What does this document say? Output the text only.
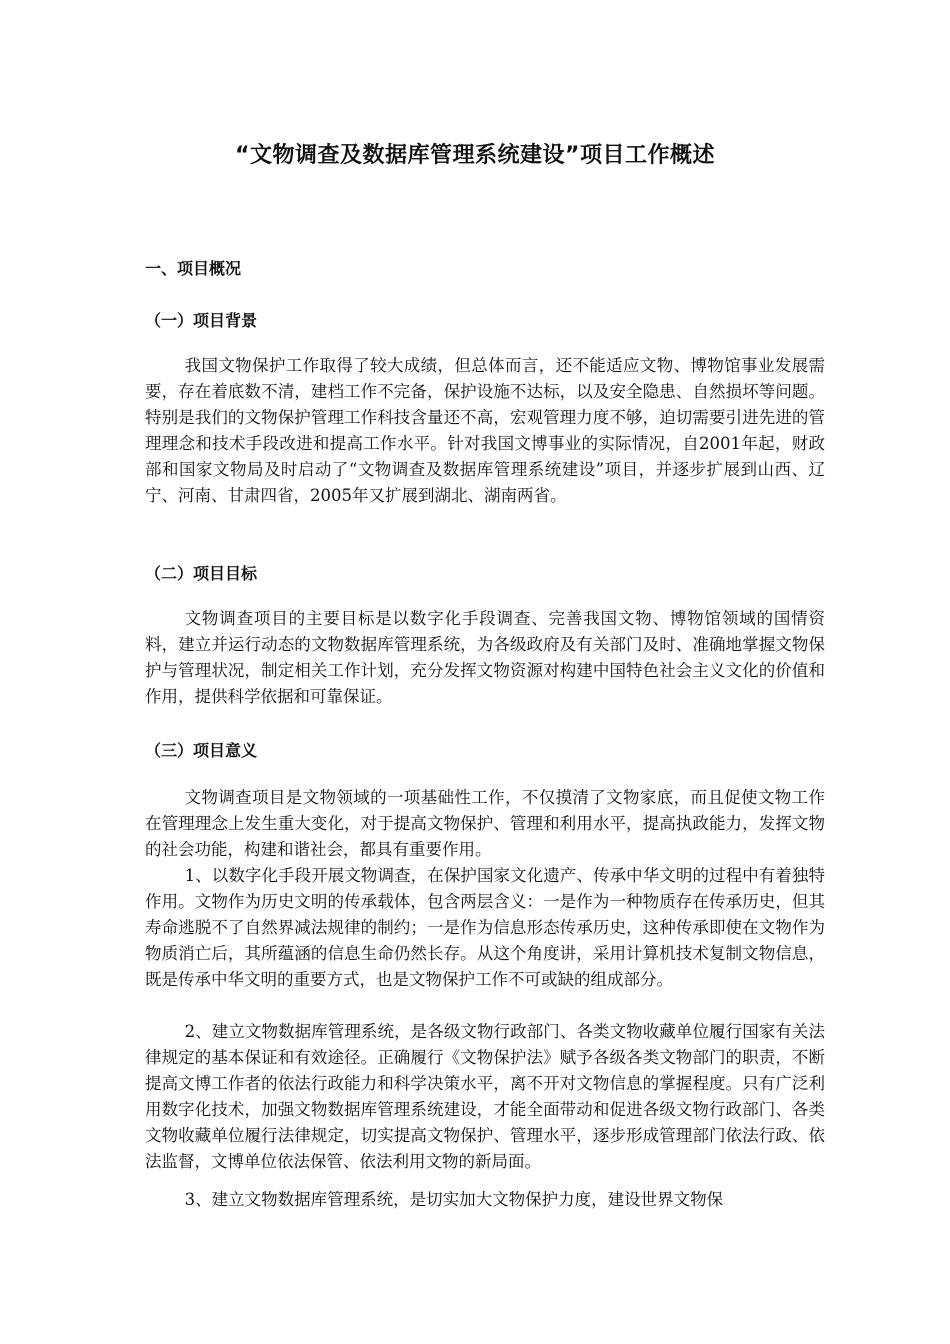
“文物调查及数据库管理系统建设”项目工作概述
一、项目概况
（一）项目背景

我国文物保护工作取得了较大成绩，但总体而言，还不能适应文物、博物馆事业发展需要，存在着底数不清，建档工作不完备，保护设施不达标，以及安全隐患、自然损坏等问题。特别是我们的文物保护管理工作科技含量还不高，宏观管理力度不够，迫切需要引进先进的管理理念和技术手段改进和提高工作水平。针对我国文博事业的实际情况，自2001年起，财政部和国家文物局及时启动了“文物调查及数据库管理系统建设”项目，并逐步扩展到山西、辽宁、河南、甘肃四省，2005年又扩展到湖北、湖南两省。

（二）项目目标

文物调查项目的主要目标是以数字化手段调查、完善我国文物、博物馆领域的国情资料，建立并运行动态的文物数据库管理系统，为各级政府及有关部门及时、准确地掌握文物保护与管理状况，制定相关工作计划，充分发挥文物资源对构建中国特色社会主义文化的价值和作用，提供科学依据和可靠保证。

（三）项目意义

文物调查项目是文物领域的一项基础性工作，不仅摸清了文物家底，而且促使文物工作在管理理念上发生重大变化，对于提高文物保护、管理和利用水平，提高执政能力，发挥文物的社会功能，构建和谐社会，都具有重要作用。

1、以数字化手段开展文物调查，在保护国家文化遗产、传承中华文明的过程中有着独特作用。文物作为历史文明的传承载体，包含两层含义：一是作为一种物质存在传承历史，但其寿命逃脱不了自然界减法规律的制约；一是作为信息形态传承历史，这种传承即使在文物作为物质消亡后，其所蕴涵的信息生命仍然长存。从这个角度讲，采用计算机技术复制文物信息，既是传承中华文明的重要方式，也是文物保护工作不可或缺的组成部分。

2、建立文物数据库管理系统，是各级文物行政部门、各类文物收藏单位履行国家有关法律规定的基本保证和有效途径。正确履行《文物保护法》赋予各级各类文物部门的职责，不断提高文博工作者的依法行政能力和科学决策水平，离不开对文物信息的掌握程度。只有广泛利用数字化技术，加强文物数据库管理系统建设，才能全面带动和促进各级文物行政部门、各类文物收藏单位履行法律规定，切实提高文物保护、管理水平，逐步形成管理部门依法行政、依法监督，文博单位依法保管、依法利用文物的新局面。

3、建立文物数据库管理系统，是切实加大文物保护力度，建设世界文物保
